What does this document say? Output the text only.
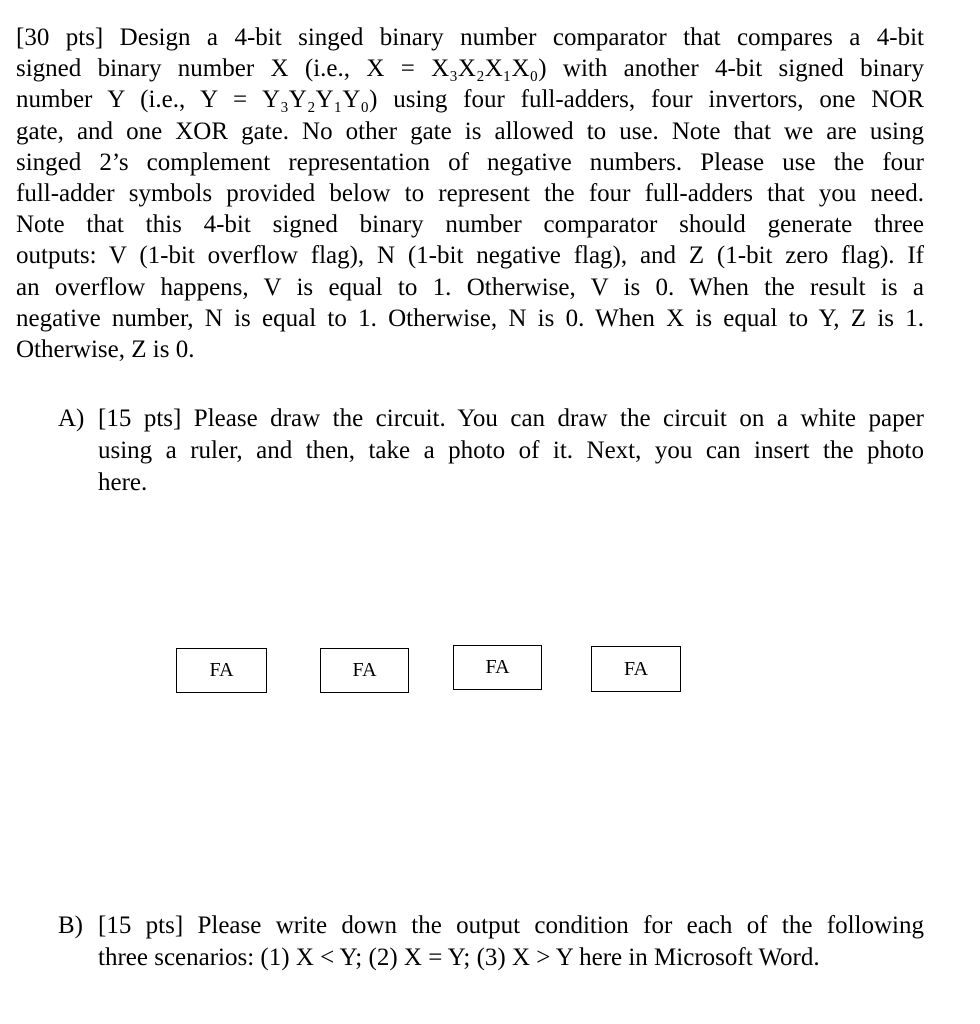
[30 pts] Design a 4-bit singed binary number comparator that compares a 4-bit
signed binary number X (i.e., X = X₃X₂X₁X₀) with another 4-bit signed binary
number Y (i.e., Y = Y₃Y₂Y₁Y₀) using four full-adders, four invertors, one NOR
gate, and one XOR gate. No other gate is allowed to use. Note that we are using
singed 2’s complement representation of negative numbers. Please use the four
full-adder symbols provided below to represent the four full-adders that you need.
Note that this 4-bit signed binary number comparator should generate three
outputs: V (1-bit overflow flag), N (1-bit negative flag), and Z (1-bit zero flag). If
an overflow happens, V is equal to 1. Otherwise, V is 0. When the result is a
negative number, N is equal to 1. Otherwise, N is 0. When X is equal to Y, Z is 1.
Otherwise, Z is 0.
A) [15 pts] Please draw the circuit. You can draw the circuit on a white paper
using a ruler, and then, take a photo of it. Next, you can insert the photo
here.
FA	FA	FA	FA
B) [15 pts] Please write down the output condition for each of the following
three scenarios: (1) X < Y; (2) X = Y; (3) X > Y here in Microsoft Word.
